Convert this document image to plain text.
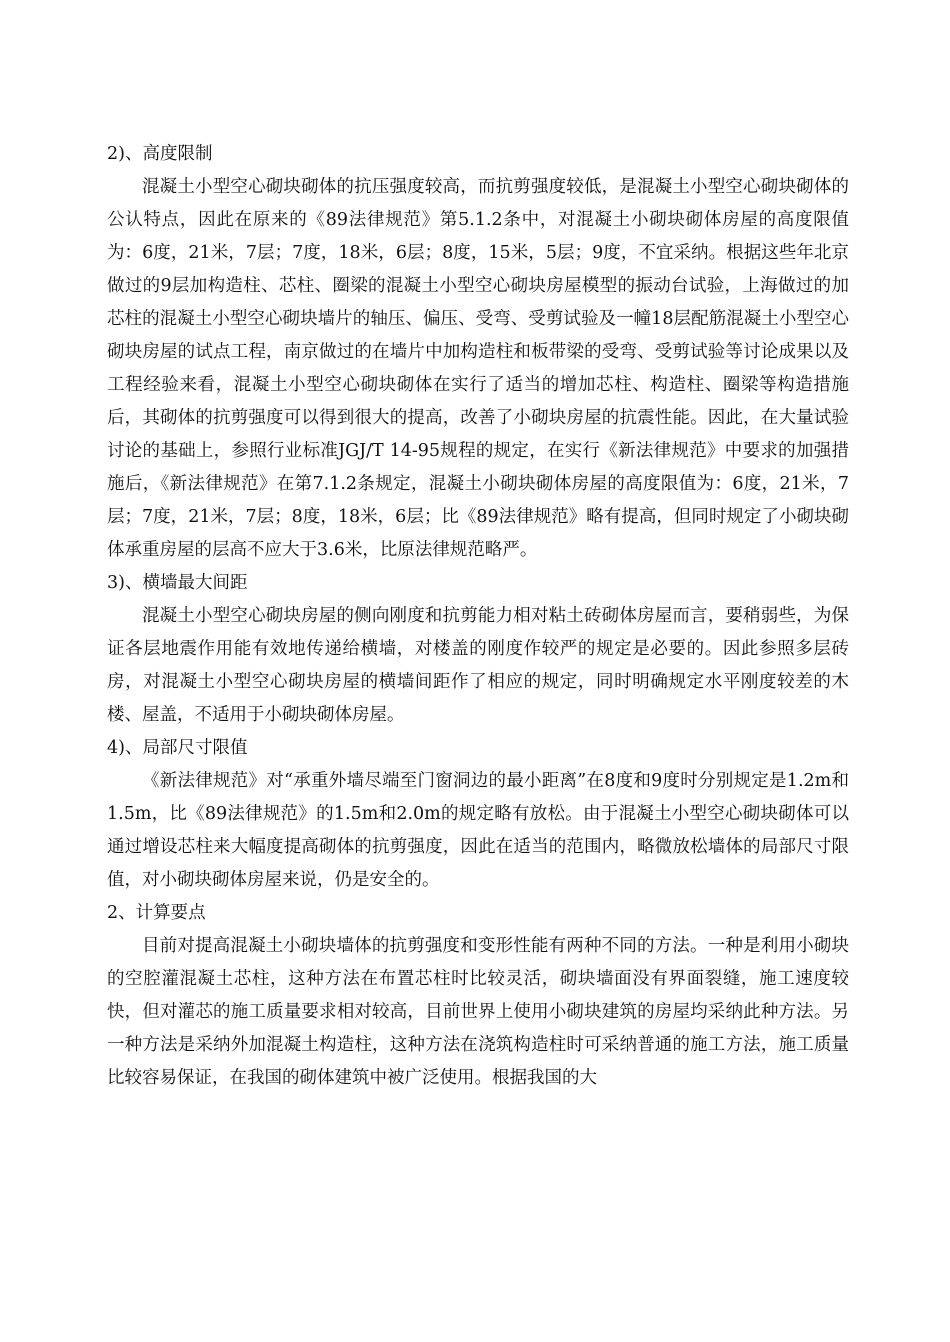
2)、高度限制

混凝土小型空心砌块砌体的抗压强度较高，而抗剪强度较低，是混凝土小型空心砌块砌体的公认特点，因此在原来的《89法律规范》第5.1.2条中，对混凝土小砌块砌体房屋的高度限值为：6度，21米，7层；7度，18米，6层；8度，15米，5层；9度，不宜采纳。根据这些年北京做过的9层加构造柱、芯柱、圈梁的混凝土小型空心砌块房屋模型的振动台试验，上海做过的加芯柱的混凝土小型空心砌块墙片的轴压、偏压、受弯、受剪试验及一幢18层配筋混凝土小型空心砌块房屋的试点工程，南京做过的在墙片中加构造柱和板带梁的受弯、受剪试验等讨论成果以及工程经验来看，混凝土小型空心砌块砌体在实行了适当的增加芯柱、构造柱、圈梁等构造措施后，其砌体的抗剪强度可以得到很大的提高，改善了小砌块房屋的抗震性能。因此，在大量试验讨论的基础上，参照行业标准JGJ/T 14-95规程的规定，在实行《新法律规范》中要求的加强措施后，《新法律规范》在第7.1.2条规定，混凝土小砌块砌体房屋的高度限值为：6度，21米，7层；7度，21米，7层；8度，18米，6层；比《89法律规范》略有提高，但同时规定了小砌块砌体承重房屋的层高不应大于3.6米，比原法律规范略严。

3)、横墙最大间距

混凝土小型空心砌块房屋的侧向刚度和抗剪能力相对粘土砖砌体房屋而言，要稍弱些，为保证各层地震作用能有效地传递给横墙，对楼盖的刚度作较严的规定是必要的。因此参照多层砖房，对混凝土小型空心砌块房屋的横墙间距作了相应的规定，同时明确规定水平刚度较差的木楼、屋盖，不适用于小砌块砌体房屋。

4)、局部尺寸限值

《新法律规范》对“承重外墙尽端至门窗洞边的最小距离”在8度和9度时分别规定是1.2m和1.5m，比《89法律规范》的1.5m和2.0m的规定略有放松。由于混凝土小型空心砌块砌体可以通过增设芯柱来大幅度提高砌体的抗剪强度，因此在适当的范围内，略微放松墙体的局部尺寸限值，对小砌块砌体房屋来说，仍是安全的。

2、计算要点

目前对提高混凝土小砌块墙体的抗剪强度和变形性能有两种不同的方法。一种是利用小砌块的空腔灌混凝土芯柱，这种方法在布置芯柱时比较灵活，砌块墙面没有界面裂缝，施工速度较快，但对灌芯的施工质量要求相对较高，目前世界上使用小砌块建筑的房屋均采纳此种方法。另一种方法是采纳外加混凝土构造柱，这种方法在浇筑构造柱时可采纳普通的施工方法，施工质量比较容易保证，在我国的砌体建筑中被广泛使用。根据我国的大
